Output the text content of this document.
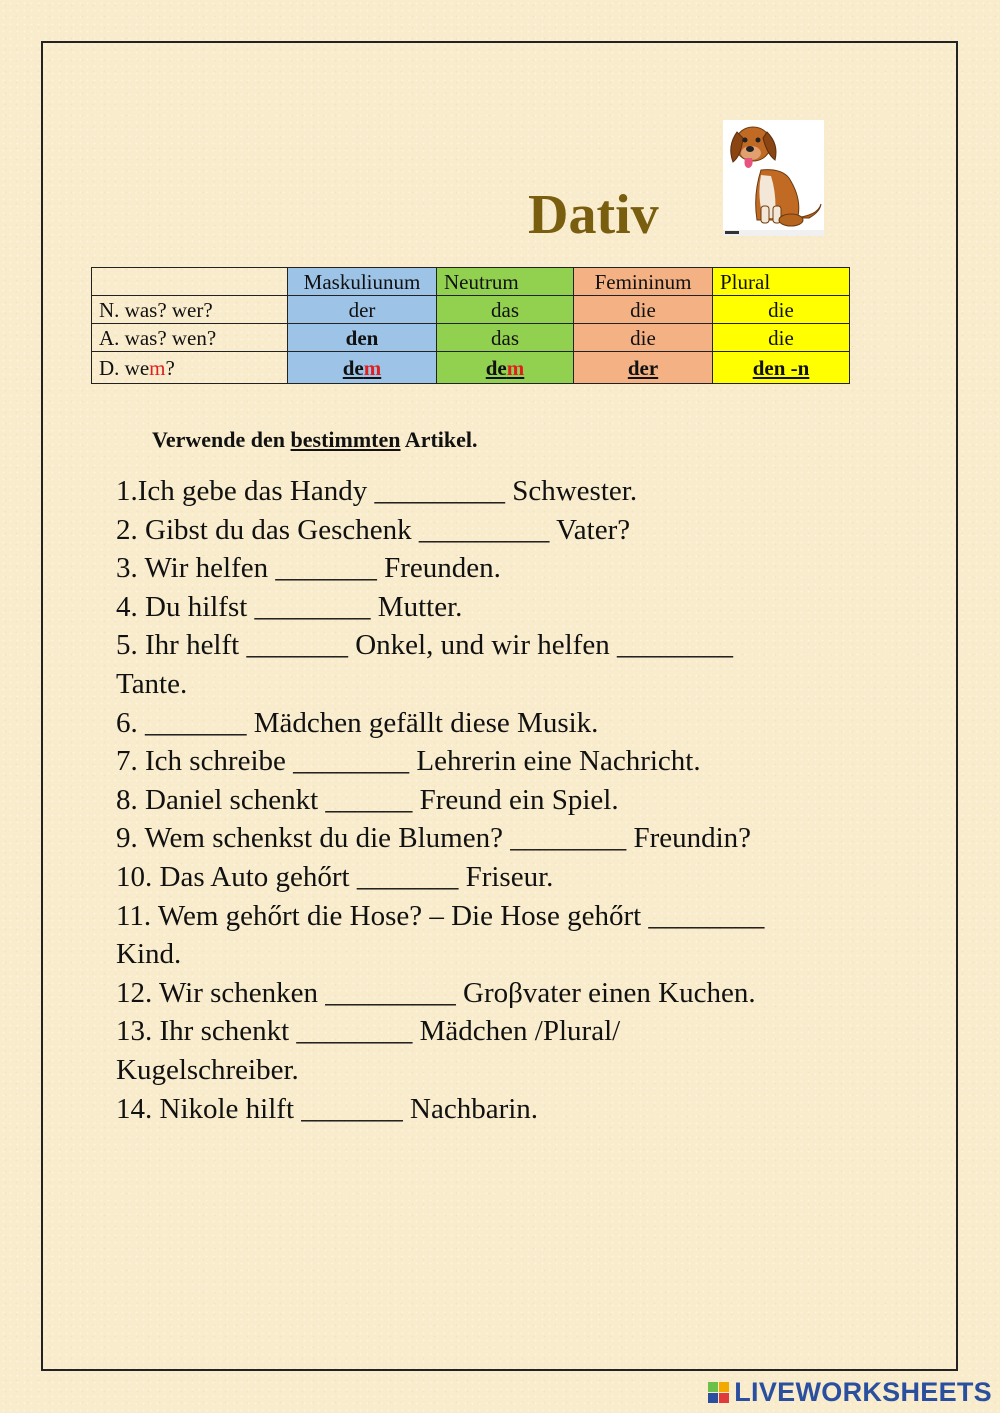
Dativ
	Maskuliunum	Neutrum	Femininum	Plural
N. was? wer?	der	das	die	die
A. was? wen?	den	das	die	die
D. wem?	dem	dem	der	den -n

Verwende den bestimmten Artikel.

1.Ich gebe das Handy _________ Schwester.
2. Gibst du das Geschenk _________ Vater?
3. Wir helfen _______ Freunden.
4. Du hilfst ________ Mutter.
5. Ihr helft _______ Onkel, und wir helfen ________
Tante.
6. _______ Mädchen gefällt diese Musik.
7. Ich schreibe ________ Lehrerin eine Nachricht.
8. Daniel schenkt ______ Freund ein Spiel.
9. Wem schenkst du die Blumen? ________ Freundin?
10. Das Auto gehőrt _______ Friseur.
11. Wem gehőrt die Hose? – Die Hose gehőrt ________
Kind.
12. Wir schenken _________ Groβvater einen Kuchen.
13. Ihr schenkt ________ Mädchen /Plural/
Kugelschreiber.
14. Nikole hilft _______ Nachbarin.
LIVEWORKSHEETS
